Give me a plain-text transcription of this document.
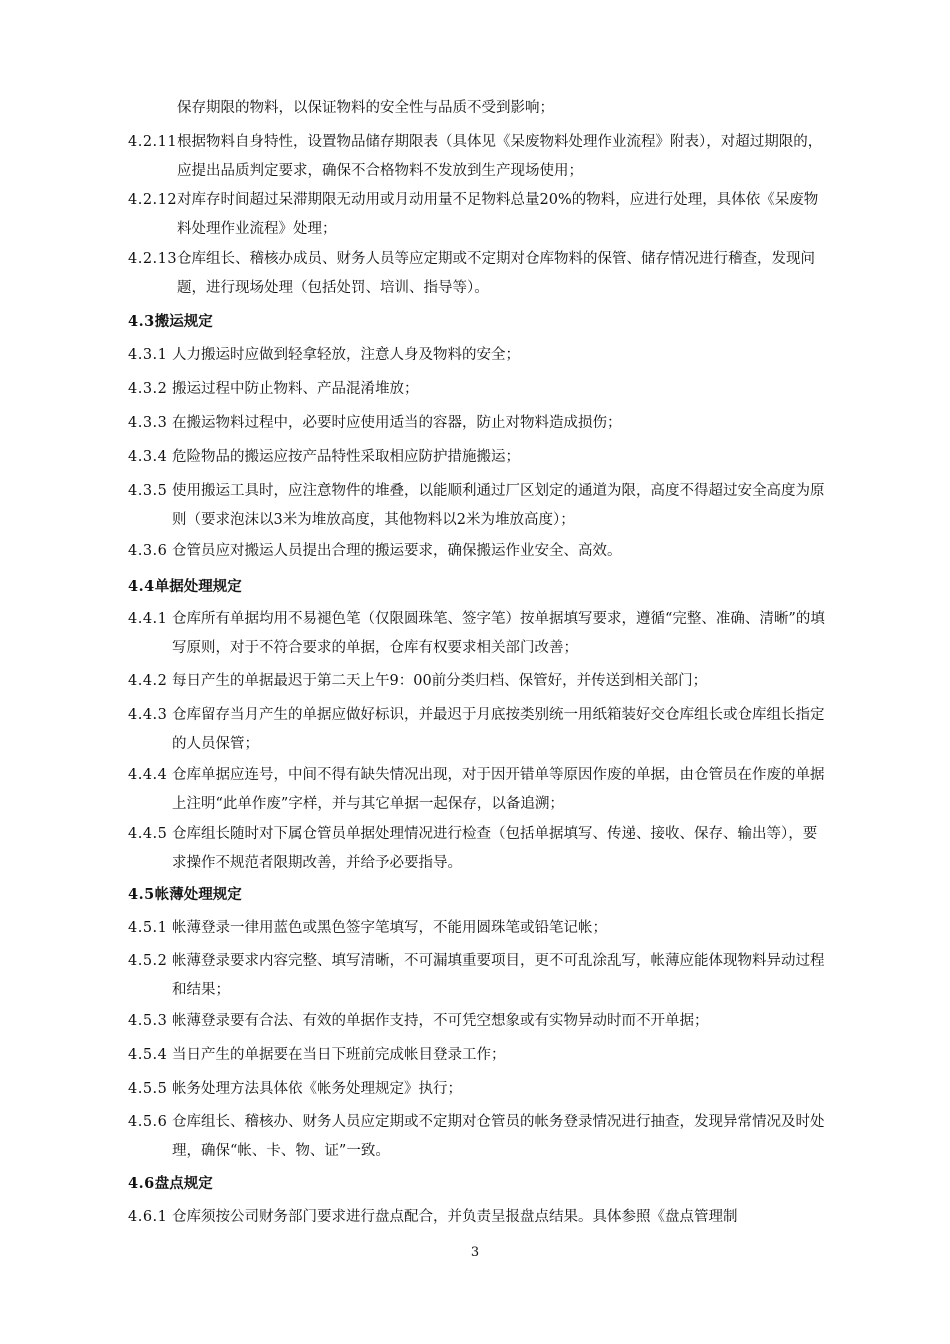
保存期限的物料，以保证物料的安全性与品质不受到影响；

4.2.11 根据物料自身特性，设置物品储存期限表（具体见《呆废物料处理作业流程》附表），对超过期限的，应提出品质判定要求，确保不合格物料不发放到生产现场使用；
4.2.12 对库存时间超过呆滞期限无动用或月动用量不足物料总量20%的物料，应进行处理，具体依《呆废物料处理作业流程》处理；
4.2.13 仓库组长、稽核办成员、财务人员等应定期或不定期对仓库物料的保管、储存情况进行稽查，发现问题，进行现场处理（包括处罚、培训、指导等）。
4.3搬运规定
4.3.1 人力搬运时应做到轻拿轻放，注意人身及物料的安全；
4.3.2 搬运过程中防止物料、产品混淆堆放；
4.3.3 在搬运物料过程中，必要时应使用适当的容器，防止对物料造成损伤；
4.3.4 危险物品的搬运应按产品特性采取相应防护措施搬运；
4.3.5 使用搬运工具时，应注意物件的堆叠，以能顺利通过厂区划定的通道为限，高度不得超过安全高度为原则（要求泡沫以3米为堆放高度，其他物料以2米为堆放高度）；
4.3.6 仓管员应对搬运人员提出合理的搬运要求，确保搬运作业安全、高效。
4.4单据处理规定
4.4.1 仓库所有单据均用不易褪色笔（仅限圆珠笔、签字笔）按单据填写要求，遵循“完整、准确、清晰”的填写原则，对于不符合要求的单据，仓库有权要求相关部门改善；
4.4.2 每日产生的单据最迟于第二天上午9：00前分类归档、保管好，并传送到相关部门；
4.4.3 仓库留存当月产生的单据应做好标识，并最迟于月底按类别统一用纸箱装好交仓库组长或仓库组长指定的人员保管；
4.4.4 仓库单据应连号，中间不得有缺失情况出现，对于因开错单等原因作废的单据，由仓管员在作废的单据上注明“此单作废”字样，并与其它单据一起保存，以备追溯；
4.4.5 仓库组长随时对下属仓管员单据处理情况进行检查（包括单据填写、传递、接收、保存、输出等），要求操作不规范者限期改善，并给予必要指导。
4.5帐薄处理规定
4.5.1 帐薄登录一律用蓝色或黑色签字笔填写，不能用圆珠笔或铅笔记帐；
4.5.2 帐薄登录要求内容完整、填写清晰，不可漏填重要项目，更不可乱涂乱写，帐薄应能体现物料异动过程和结果；
4.5.3 帐薄登录要有合法、有效的单据作支持，不可凭空想象或有实物异动时而不开单据；
4.5.4 当日产生的单据要在当日下班前完成帐目登录工作；
4.5.5 帐务处理方法具体依《帐务处理规定》执行；
4.5.6 仓库组长、稽核办、财务人员应定期或不定期对仓管员的帐务登录情况进行抽查，发现异常情况及时处理，确保“帐、卡、物、证”一致。
4.6盘点规定
4.6.1 仓库须按公司财务部门要求进行盘点配合，并负责呈报盘点结果。具体参照《盘点管理制
3
